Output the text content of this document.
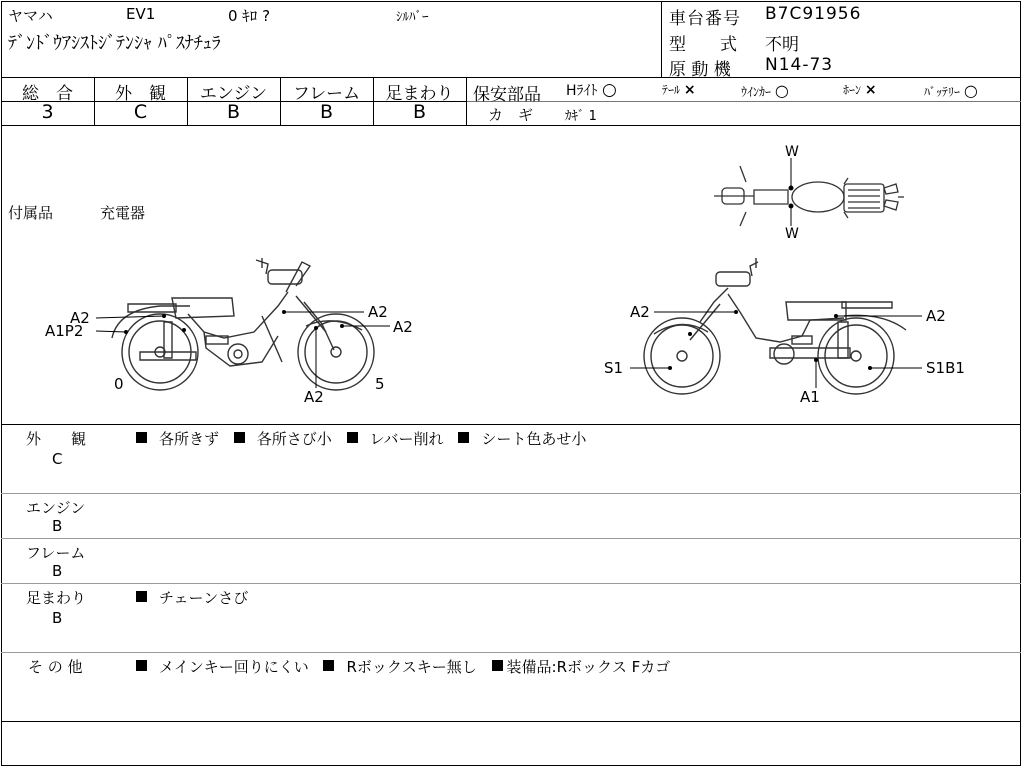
ヤマハ	EV1	0 ｷﾛ ?	ｼﾙﾊﾞｰ
ﾃﾞﾝﾄﾞｳｱｼｽﾄｼﾞﾃﾝｼｬ ﾊﾟｽﾅﾁｭﾗ
車台番号 B7C91956
型　　式 不明
原 動 機 N14-73
総　合	外　観	エンジン	フレーム	足まわり
3	C	B	B	B
保安部品 Hﾗｲﾄ ○	ﾃｰﾙ ×	ｳｲﾝｶｰ ○	ﾎｰﾝ ×	ﾊﾞｯﾃﾘｰ ○
カ　ギ ｶｷﾞ 1
付属品	充電器
A2
A1P2
A2
A2
A2
0	5
A2	A2
S1	S1B1
A1
W
W
外　　観
C
各所きず	各所さび小	レバー削れ	シート色あせ小
エンジン
B
フレーム
B
足まわり
B
チェーンさび
そ の 他	メインキー回りにくい	Rボックスキー無し 装備品:Rボックス Fカゴ
